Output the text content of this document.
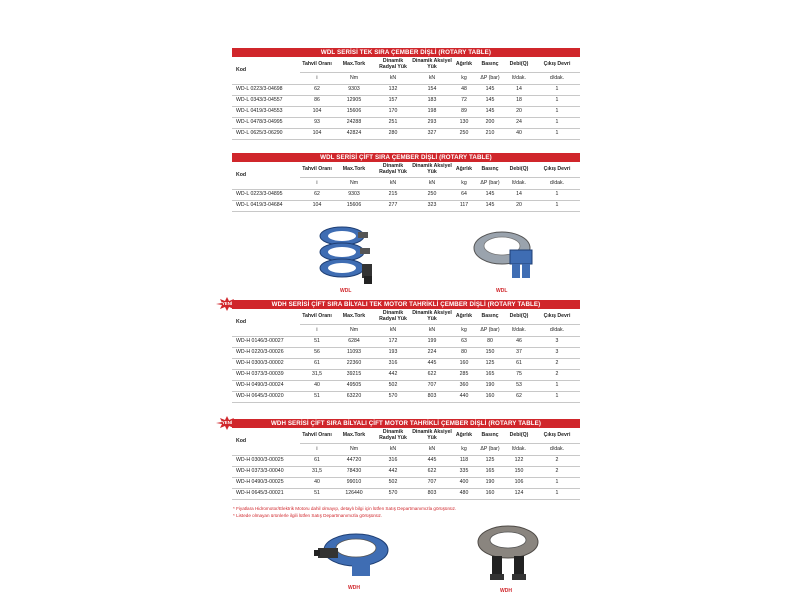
WDL SERİSİ TEK SIRA ÇEMBER DİŞLİ (ROTARY TABLE)
Kod	Tahvil Oranı	Max.Tork	Dinamik Radyal Yük	Dinamik Aksiyel Yük	Ağırlık	Basınç	Debi(Q)	Çıkış Devri
	i	Nm	kN	kN	kg	ΔP (bar)	lt/dak.	d/dak.
WD-L 0223/3-04698	62	9303	132	154	48	145	14	1
WD-L 0343/3-04557	86	12905	157	183	72	145	18	1
WD-L 0419/3-04553	104	15606	170	198	89	145	20	1
WD-L 0478/3-04995	93	24288	251	293	130	200	24	1
WD-L 0625/3-06290	104	42824	280	327	250	210	40	1
WDL SERİSİ ÇİFT SIRA ÇEMBER DİŞLİ (ROTARY TABLE)
Kod	Tahvil Oranı	Max.Tork	Dinamik Radyal Yük	Dinamik Aksiyel Yük	Ağırlık	Basınç	Debi(Q)	Çıkış Devri
	i	Nm	kN	kN	kg	ΔP (bar)	lt/dak.	d/dak.
WD-L 0223/3-04895	62	9303	215	250	64	145	14	1
WD-L 0419/3-04684	104	15606	277	323	117	145	20	1
WDH SERİSİ ÇİFT SIRA BİLYALI TEK MOTOR TAHRİKLİ ÇEMBER DİŞLİ (ROTARY TABLE)
YENİ
Kod	Tahvil Oranı	Max.Tork	Dinamik Radyal Yük	Dinamik Aksiyel Yük	Ağırlık	Basınç	Debi(Q)	Çıkış Devri
	i	Nm	kN	kN	kg	ΔP (bar)	lt/dak.	d/dak.
WD-H 0146/3-00027	51	6284	172	199	63	80	46	3
WD-H 0220/3-00026	56	11093	193	224	80	150	37	3
WD-H 0300/3-00002	61	22360	316	445	160	125	61	2
WD-H 0373/3-00039	31,5	39215	442	622	285	165	75	2
WD-H 0490/3-00024	40	49505	502	707	360	190	53	1
WD-H 0645/3-00020	51	63220	570	803	440	160	62	1
WDH SERİSİ ÇİFT SIRA BİLYALI ÇİFT MOTOR TAHRİKLİ ÇEMBER DİŞLİ (ROTARY TABLE)
YENİ
Kod	Tahvil Oranı	Max.Tork	Dinamik Radyal Yük	Dinamik Aksiyel Yük	Ağırlık	Basınç	Debi(Q)	Çıkış Devri
	i	Nm	kN	kN	kg	ΔP (bar)	lt/dak.	d/dak.
WD-H 0300/3-00025	61	44720	316	445	118	125	122	2
WD-H 0373/3-00040	31,5	78430	442	622	335	165	150	2
WD-H 0490/3-00025	40	99010	502	707	400	190	106	1
WD-H 0645/3-00021	51	126440	570	803	480	160	124	1
WDL	WDL
WDH	WDH
* Fiyatlara Hidromotor/Elektrik Motoru dahil olmayıp, detaylı bilgi için lütfen Satış Departmanımızla görüşünüz.
* Listede olmayan ürünlerle ilgili lütfen Satış Departmanımızla görüşünüz.
